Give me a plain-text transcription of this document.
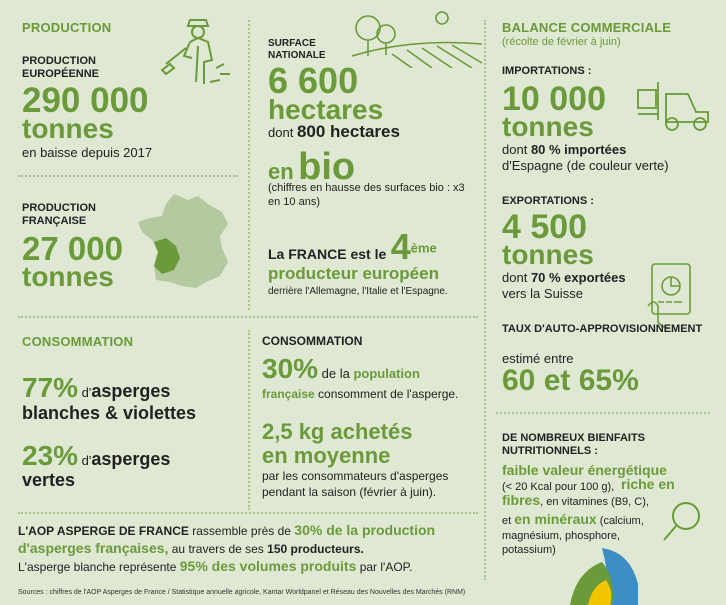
PRODUCTION
PRODUCTION EUROPÉENNE
290 000
tonnes
en baisse depuis 2017
PRODUCTION FRANÇAISE
27 000
tonnes
SURFACE NATIONALE
6 600
hectares
dont 800 hectares
en bio
(chiffres en hausse des surfaces bio : x3 en 10 ans)
La FRANCE est le 4ème
producteur européen
derrière l'Allemagne, l'Italie et l'Espagne.
BALANCE COMMERCIALE
(récolte de février à juin)
IMPORTATIONS :
10 000
tonnes
dont 80 % importées
d'Espagne (de couleur verte)
EXPORTATIONS :
4 500
tonnes
dont 70 % exportées
vers la Suisse
TAUX D'AUTO-APPROVISIONNEMENT
estimé entre
60 et 65%
DE NOMBREUX BIENFAITS NUTRITIONNELS :
faible valeur énergétique
(< 20 Kcal pour 100 g), riche en
fibres, en vitamines (B9, C),
et en minéraux (calcium,
magnésium, phosphore,
potassium)
CONSOMMATION
77% d'asperges
blanches & violettes
23% d'asperges
vertes
CONSOMMATION
30% de la population
française consomment de l'asperge.
2,5 kg achetés
en moyenne
par les consommateurs d'asperges
pendant la saison (février à juin).
L'AOP ASPERGE DE FRANCE rassemble près de 30% de la production
d'asperges françaises, au travers de ses 150 producteurs.
L'asperge blanche représente 95% des volumes produits par l'AOP.
Sources : chiffres de l'AOP Asperges de France / Statistique annuelle agricole, Kantar Worldpanel et Réseau des Nouvelles des Marchés (RNM)
